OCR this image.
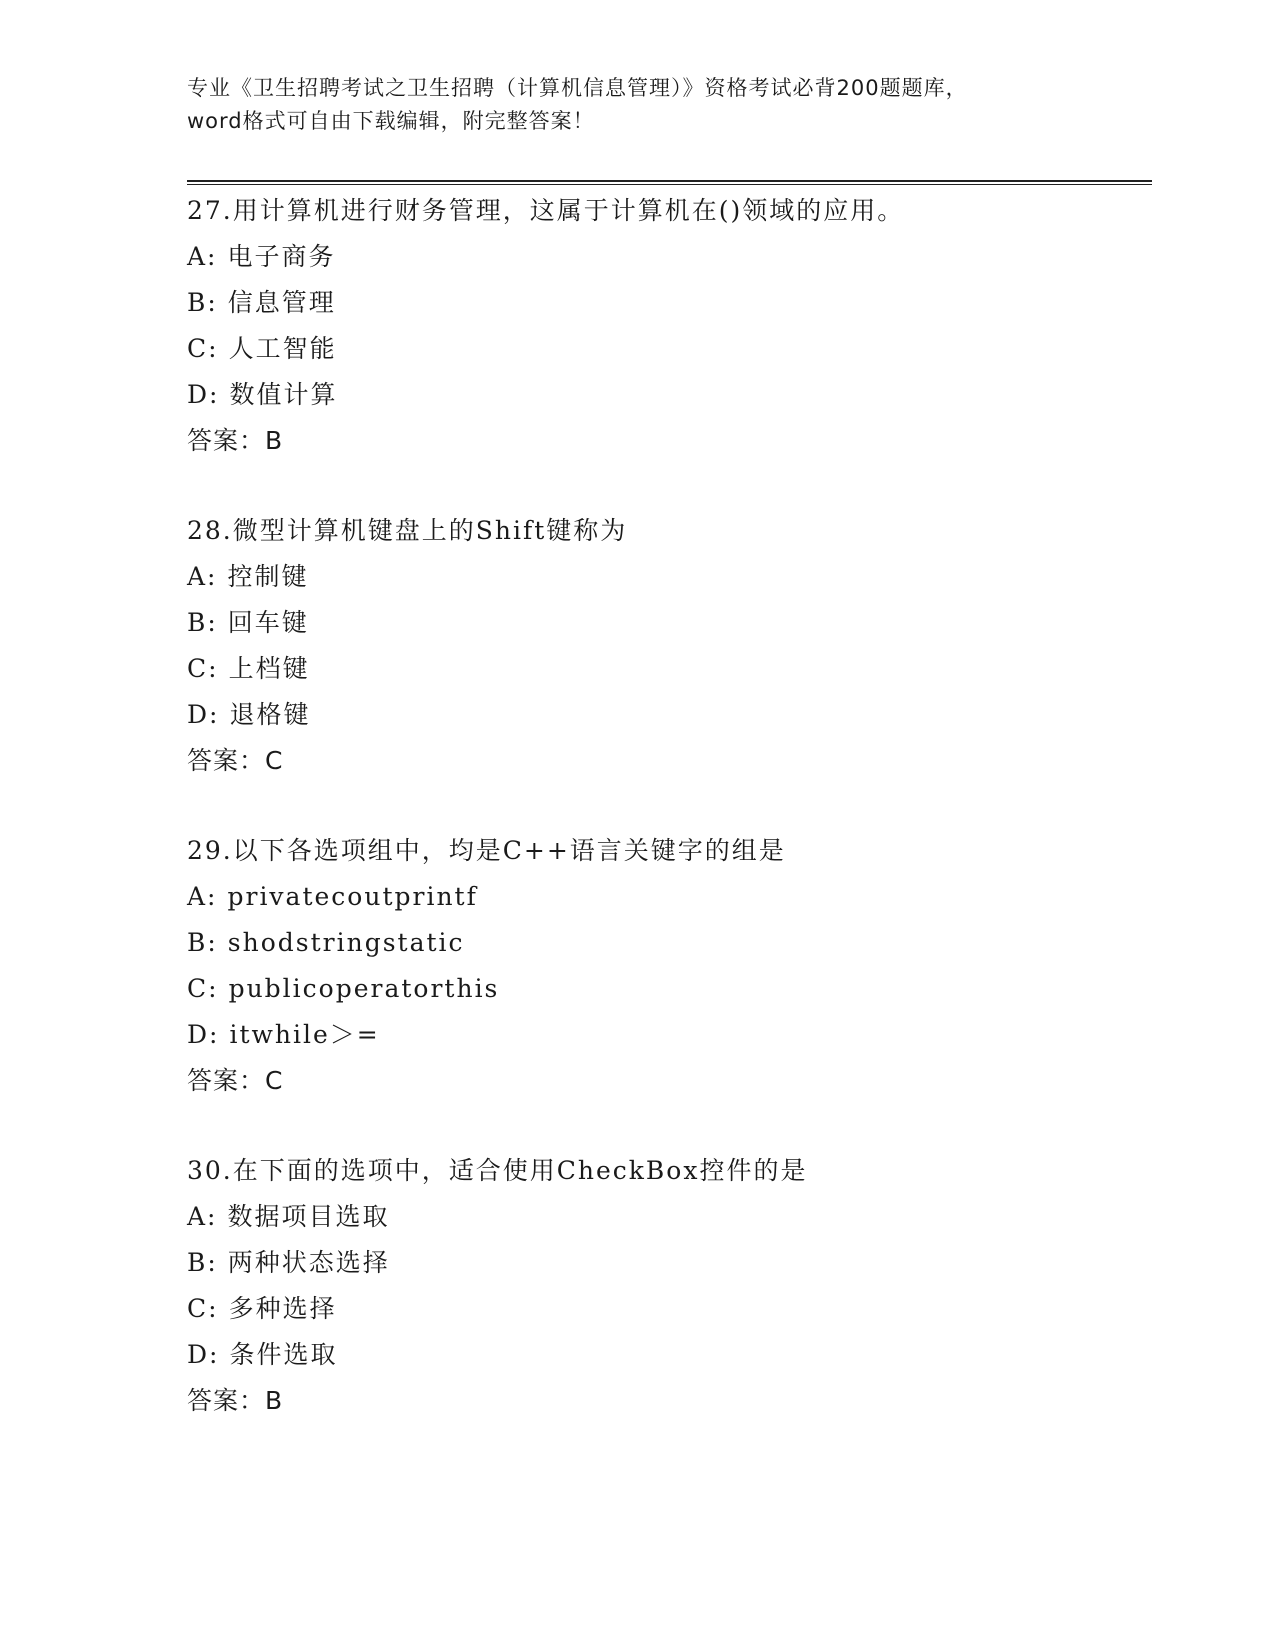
专业《卫生招聘考试之卫生招聘（计算机信息管理）》资格考试必背200题题库，
word格式可自由下载编辑，附完整答案！
27.用计算机进行财务管理，这属于计算机在()领域的应用。
A: 电子商务
B: 信息管理
C: 人工智能
D: 数值计算
答案：B
28.微型计算机键盘上的Shift键称为
A: 控制键
B: 回车键
C: 上档键
D: 退格键
答案：C
29.以下各选项组中，均是C++语言关键字的组是
A: privatecoutprintf
B: shodstringstatic
C: publicoperatorthis
D: itwhile＞=
答案：C
30.在下面的选项中，适合使用CheckBox控件的是
A: 数据项目选取
B: 两种状态选择
C: 多种选择
D: 条件选取
答案：B
